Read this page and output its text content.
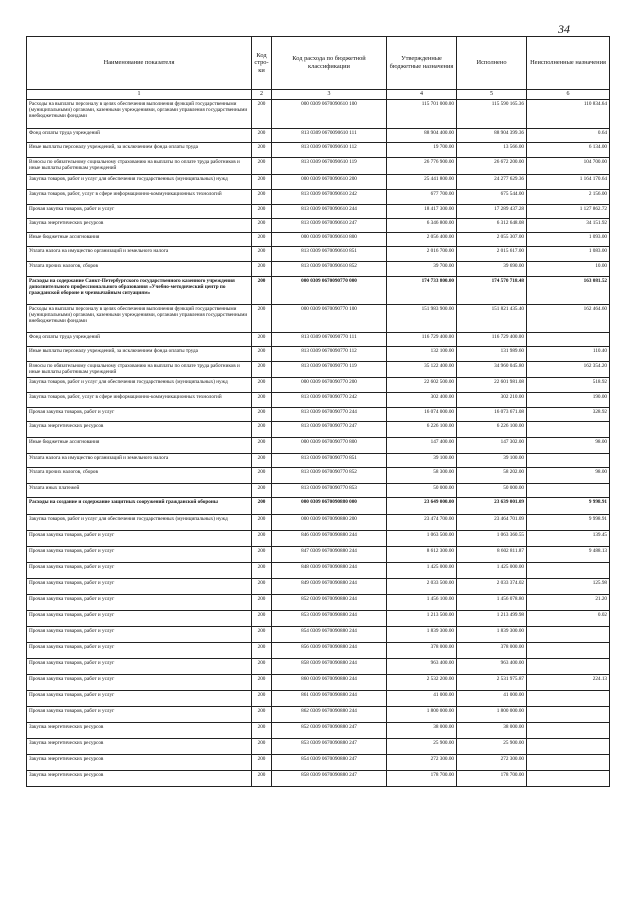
34
Наименование показателя	Код стро-ки	Код расхода по бюджетной классификации	Утвержденные бюджетные назначения	Исполнено	Неисполненные назначения
1	2	3	4	5	6
Расходы на выплаты персоналу в целях обеспечения выполнения функций государственными (муниципальными) органами, казенными учреждениями, органами управления государственными внебюджетными фондами	200	000 0309 0670090610 100	115 701 000.00	115 590 165.36	110 834.64
Фонд оплаты труда учреждений	200	813 0309 0670090610 111	88 904 400.00	88 904 399.36	0.64
Иные выплаты персоналу учреждений, за исключением фонда оплаты труда	200	813 0309 0670090610 112	19 700.00	13 566.00	6 134.00
Взносы по обязательному социальному страхованию на выплаты по оплате труда работников и иные выплаты работникам учреждений	200	813 0309 0670090610 119	26 776 900.00	26 672 200.00	104 700.00
Закупка товаров, работ и услуг для обеспечения государственных (муниципальных) нужд	200	000 0309 0670090610 200	25 441 800.00	24 277 629.36	1 164 170.64
Закупка товаров, работ, услуг в сфере информационно-коммуникационных технологий	200	813 0309 0670090610 242	677 700.00	675 544.00	2 156.00
Прочая закупка товаров, работ и услуг	200	813 0309 0670090610 244	18 417 300.00	17 289 437.28	1 127 862.72
Закупка энергетических ресурсов	200	813 0309 0670090610 247	6 346 800.00	6 312 648.08	34 151.92
Иные бюджетные ассигнования	200	000 0309 0670090610 800	2 056 400.00	2 055 307.00	1 093.00
Уплата налога на имущество организаций и земельного налога	200	813 0309 0670090610 851	2 016 700.00	2 015 617.00	1 083.00
Уплата прочих налогов, сборов	200	813 0309 0670090610 852	39 700.00	39 690.00	10.00
Расходы на содержание Санкт-Петербургского государственного казенного учреждения дополнительного профессионального образования «Учебно-методический центр по гражданской обороне и чрезвычайным ситуациям»	200	000 0309 0670090770 000	174 733 800.00	174 570 718.48	163 081.52
Расходы на выплаты персоналу в целях обеспечения выполнения функций государственными (муниципальными) органами, казенными учреждениями, органами управления государственными внебюджетными фондами	200	000 0309 0670090770 100	151 983 900.00	151 821 435.40	162 464.60
Фонд оплаты труда учреждений	200	813 0309 0670090770 111	116 729 400.00	116 729 400.00	
Иные выплаты персоналу учреждений, за исключением фонда оплаты труда	200	813 0309 0670090770 112	132 100.00	131 989.60	110.40
Взносы по обязательному социальному страхованию на выплаты по оплате труда работников и иные выплаты работникам учреждений	200	813 0309 0670090770 119	35 122 400.00	34 960 045.80	162 354.20
Закупка товаров, работ и услуг для обеспечения государственных (муниципальных) нужд	200	000 0309 0670090770 200	22 602 500.00	22 601 981.08	518.92
Закупка товаров, работ, услуг в сфере информационно-коммуникационных технологий	200	813 0309 0670090770 242	302 400.00	302 210.00	190.00
Прочая закупка товаров, работ и услуг	200	813 0309 0670090770 244	16 074 000.00	16 073 671.08	328.92
Закупка энергетических ресурсов	200	813 0309 0670090770 247	6 226 100.00	6 226 100.00	
Иные бюджетные ассигнования	200	000 0309 0670090770 800	147 400.00	147 302.00	98.00
Уплата налога на имущество организаций и земельного налога	200	813 0309 0670090770 851	39 100.00	39 100.00	
Уплата прочих налогов, сборов	200	813 0309 0670090770 852	58 300.00	58 202.00	98.00
Уплата иных платежей	200	813 0309 0670090770 853	50 000.00	50 000.00	
Расходы на создание и содержание защитных сооружений гражданской обороны	200	000 0309 0670090880 000	23 649 000.00	23 639 001.09	9 998.91
Закупка товаров, работ и услуг для обеспечения государственных (муниципальных) нужд	200	000 0309 0670090880 200	23 474 700.00	23 464 701.09	9 998.91
Прочая закупка товаров, работ и услуг	200	846 0309 0670090880 244	1 063 500.00	1 063 360.55	139.45
Прочая закупка товаров, работ и услуг	200	847 0309 0670090880 244	8 612 300.00	8 602 811.87	9 488.13
Прочая закупка товаров, работ и услуг	200	848 0309 0670090880 244	1 425 000.00	1 425 000.00	
Прочая закупка товаров, работ и услуг	200	849 0309 0670090880 244	2 033 500.00	2 033 374.02	125.98
Прочая закупка товаров, работ и услуг	200	852 0309 0670090880 244	1 456 100.00	1 456 078.80	21.20
Прочая закупка товаров, работ и услуг	200	853 0309 0670090880 244	1 213 500.00	1 213 499.98	0.02
Прочая закупка товаров, работ и услуг	200	854 0309 0670090880 244	1 839 300.00	1 839 300.00	
Прочая закупка товаров, работ и услуг	200	856 0309 0670090880 244	378 000.00	378 000.00	
Прочая закупка товаров, работ и услуг	200	858 0309 0670090880 244	963 400.00	963 400.00	
Прочая закупка товаров, работ и услуг	200	860 0309 0670090880 244	2 532 200.00	2 531 975.87	224.13
Прочая закупка товаров, работ и услуг	200	861 0309 0670090880 244	41 000.00	41 000.00	
Прочая закупка товаров, работ и услуг	200	862 0309 0670090880 244	1 800 000.00	1 800 000.00	
Закупка энергетических ресурсов	200	852 0309 0670090880 247	38 000.00	38 000.00	
Закупка энергетических ресурсов	200	853 0309 0670090880 247	25 900.00	25 900.00	
Закупка энергетических ресурсов	200	854 0309 0670090880 247	272 300.00	272 300.00	
Закупка энергетических ресурсов	200	858 0309 0670090880 247	178 700.00	178 700.00	
